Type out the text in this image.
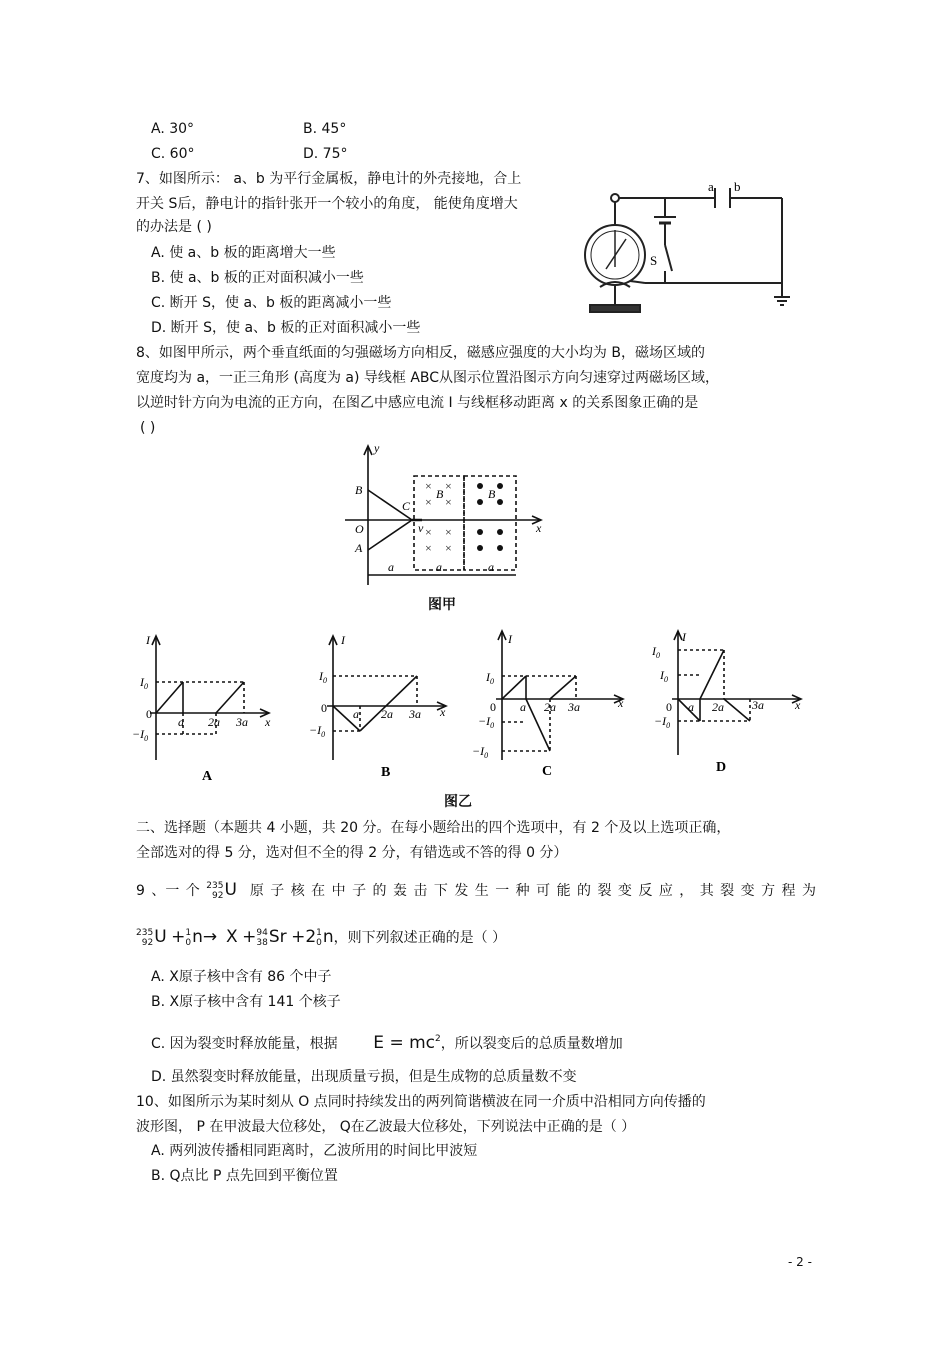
A. 30°	B. 45°
C. 60°	D. 75°
7、如图所示： a、b 为平行金属板，静电计的外壳接地，合上
开关 S后，静电计的指针张开一个较小的角度， 能使角度增大
的办法是 ( )
A. 使 a、b 板的距离增大一些
B. 使 a、b 板的正对面积减小一些
C. 断开 S，使 a、b 板的距离减小一些
D. 断开 S，使 a、b 板的正对面积减小一些
a b
S
8、如图甲所示，两个垂直纸面的匀强磁场方向相反，磁感应强度的大小均为 B，磁场区域的
宽度均为 a，一正三角形 (高度为 a) 导线框 ABC从图示位置沿图示方向匀速穿过两磁场区域，
以逆时针方向为电流的正方向，在图乙中感应电流 I 与线框移动距离 x 的关系图象正确的是
( )
× ×
× ×
× ×
× ×
y
x
O
B
A
C
v
B	B
a	a	a
图甲
I
$I_0$
0
$-I_0$
a 2a 3a x
A
I
$I_0$
0
$-I_0$
a 2a 3a x
B
I
$I_0$
0
$-I_0$
$-I_0$
a 2a 3a	x
C
I
$I_0$
$I_0$
0
$-I_0$
a 2a 3a	x
D
图乙
二、选择题（本题共 4 小题，共 20 分。在每小题给出的四个选项中，有 2 个及以上选项正确，
全部选对的得 5 分，选对但不全的得 2 分，有错选或不答的得 0 分）
9 、一 个 235
92U 原 子 核 在 中 子 的 轰 击 下 发 生 一 种 可 能 的 裂 变 反 应 ， 其 裂 变 方 程 为
235
92U +1
0n→ X +94
38Sr +21
0n，则下列叙述正确的是（ ）
A. X原子核中含有 86 个中子
B. X原子核中含有 141 个核子
C. 因为裂变时释放能量，根据 $E = mc^2$，所以裂变后的总质量数增加
D. 虽然裂变时释放能量，出现质量亏损，但是生成物的总质量数不变
10、如图所示为某时刻从 O 点同时持续发出的两列简谐横波在同一介质中沿相同方向传播的
波形图， P 在甲波最大位移处， Q在乙波最大位移处，下列说法中正确的是（ ）
A. 两列波传播相同距离时，乙波所用的时间比甲波短
B. Q点比 P 点先回到平衡位置
- 2 -
